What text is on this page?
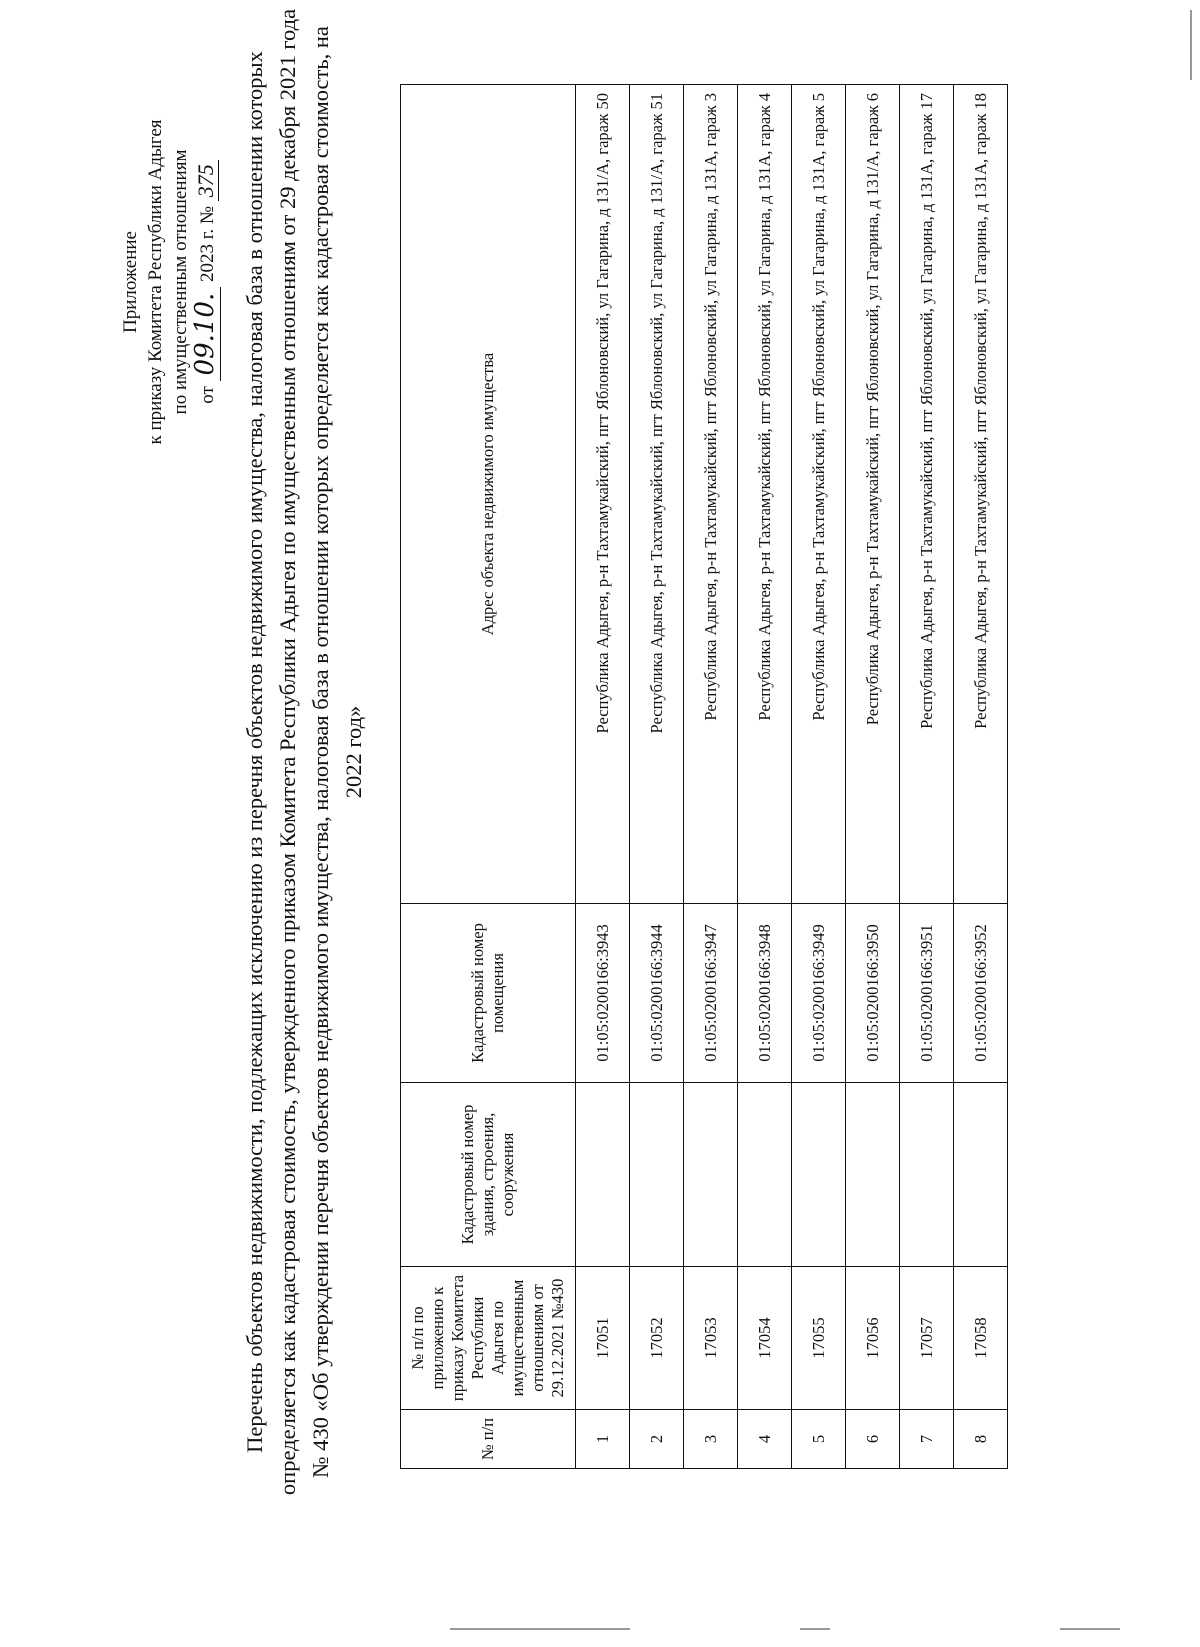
Приложение к приказу Комитета Республики Адыгея по имущественным отношениям от 09.10. 2023 г. № 375 Перечень объектов недвижимости, подлежащих исключению из перечня объектов недвижимого имущества, налоговая база в отношении которых определяется как кадастровая стоимость, утвержденного приказом Комитета Республики Адыгея по имущественным отношениям от 29 декабря 2021 года № 430 «Об утверждении перечня объектов недвижимого имущества, налоговая база в отношении которых определяется как кадастровая стоимость, на 2022 год»
№ п/п	№ п/п по приложению к приказу Комитета Республики Адыгея по имущественным отношениям от 29.12.2021 №430	Кадастровый номер здания, строения, сооружения	Кадастровый номер помещения	Адрес объекта недвижимого имущества
1	17051		01:05:0200166:3943	Республика Адыгея, р-н Тахтамукайский, пгт Яблоновский, ул Гагарина, д 131/А, гараж 50
2	17052		01:05:0200166:3944	Республика Адыгея, р-н Тахтамукайский, пгт Яблоновский, ул Гагарина, д 131/А, гараж 51
3	17053		01:05:0200166:3947	Республика Адыгея, р-н Тахтамукайский, пгт Яблоновский, ул Гагарина, д 131А, гараж 3
4	17054		01:05:0200166:3948	Республика Адыгея, р-н Тахтамукайский, пгт Яблоновский, ул Гагарина, д 131А, гараж 4
5	17055		01:05:0200166:3949	Республика Адыгея, р-н Тахтамукайский, пгт Яблоновский, ул Гагарина, д 131А, гараж 5
6	17056		01:05:0200166:3950	Республика Адыгея, р-н Тахтамукайский, пгт Яблоновский, ул Гагарина, д 131/А, гараж 6
7	17057		01:05:0200166:3951	Республика Адыгея, р-н Тахтамукайский, пгт Яблоновский, ул Гагарина, д 131А, гараж 17
8	17058		01:05:0200166:3952	Республика Адыгея, р-н Тахтамукайский, пгт Яблоновский, ул Гагарина, д 131А, гараж 18
